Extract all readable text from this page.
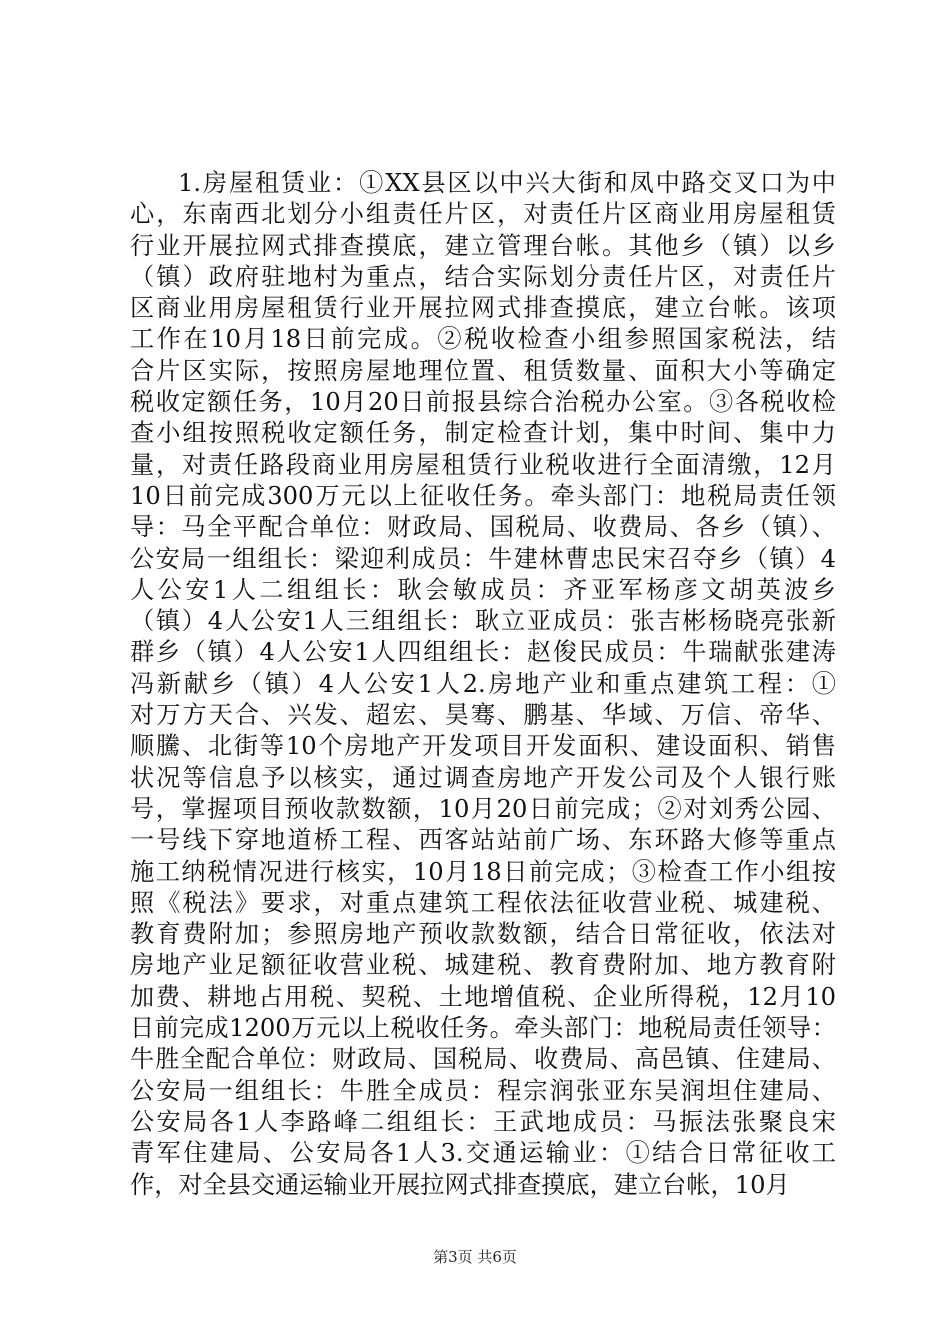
1.房屋租赁业：①XX县区以中兴大街和凤中路交叉口为中
心，东南西北划分小组责任片区，对责任片区商业用房屋租赁
行业开展拉网式排查摸底，建立管理台帐。其他乡（镇）以乡
（镇）政府驻地村为重点，结合实际划分责任片区，对责任片
区商业用房屋租赁行业开展拉网式排查摸底，建立台帐。该项
工作在10月18日前完成。②税收检查小组参照国家税法，结
合片区实际，按照房屋地理位置、租赁数量、面积大小等确定
税收定额任务，10月20日前报县综合治税办公室。③各税收检
查小组按照税收定额任务，制定检查计划，集中时间、集中力
量，对责任路段商业用房屋租赁行业税收进行全面清缴，12月
10日前完成300万元以上征收任务。牵头部门：地税局责任领
导：马全平配合单位：财政局、国税局、收费局、各乡（镇）、
公安局一组组长：梁迎利成员：牛建林曹忠民宋召夺乡（镇）4
人公安1人二组组长：耿会敏成员：齐亚军杨彦文胡英波乡
（镇）4人公安1人三组组长：耿立亚成员：张吉彬杨晓亮张新
群乡（镇）4人公安1人四组组长：赵俊民成员：牛瑞献张建涛
冯新献乡（镇）4人公安1人2.房地产业和重点建筑工程：①
对万方天合、兴发、超宏、昊骞、鹏基、华域、万信、帝华、
顺騰、北街等10个房地产开发项目开发面积、建设面积、销售
状况等信息予以核实，通过调查房地产开发公司及个人银行账
号，掌握项目预收款数额，10月20日前完成；②对刘秀公园、
一号线下穿地道桥工程、西客站站前广场、东环路大修等重点
施工纳税情况进行核实，10月18日前完成；③检查工作小组按
照《税法》要求，对重点建筑工程依法征收营业税、城建税、
教育费附加；参照房地产预收款数额，结合日常征收，依法对
房地产业足额征收营业税、城建税、教育费附加、地方教育附
加费、耕地占用税、契税、土地增值税、企业所得税，12月10
日前完成1200万元以上税收任务。牵头部门：地税局责任领导：
牛胜全配合单位：财政局、国税局、收费局、高邑镇、住建局、
公安局一组组长：牛胜全成员：程宗润张亚东吴润坦住建局、
公安局各1人李路峰二组组长：王武地成员：马振法张聚良宋
青军住建局、公安局各1人3.交通运输业：①结合日常征收工
作，对全县交通运输业开展拉网式排查摸底，建立台帐，10月
第3页 共6页
